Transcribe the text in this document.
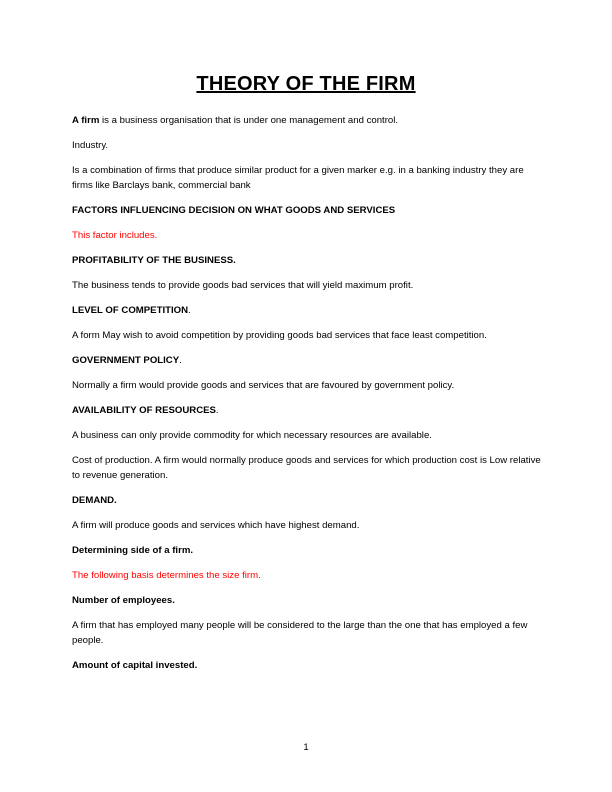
THEORY OF THE FIRM

A firm is a business organisation that is under one management and control.

Industry.

Is a combination of firms that produce similar product for a given marker e.g. in a banking industry they are firms like Barclays bank, commercial bank

FACTORS INFLUENCING DECISION ON WHAT GOODS AND SERVICES

This factor includes.

PROFITABILITY OF THE BUSINESS.

The business tends to provide goods bad services that will yield maximum profit.

LEVEL OF COMPETITION.

A form May wish to avoid competition by providing goods bad services that face least competition.

GOVERNMENT POLICY.

Normally a firm would provide goods and services that are favoured by government policy.

AVAILABILITY OF RESOURCES.

A business can only provide commodity for which necessary resources are available.

Cost of production. A firm would normally produce goods and services for which production cost is Low relative to revenue generation.

DEMAND.

A firm will produce goods and services which have highest demand.

Determining side of a firm.

The following basis determines the size firm.

Number of employees.

A firm that has employed many people will be considered to the large than the one that has employed a few people.

Amount of capital invested.

1
